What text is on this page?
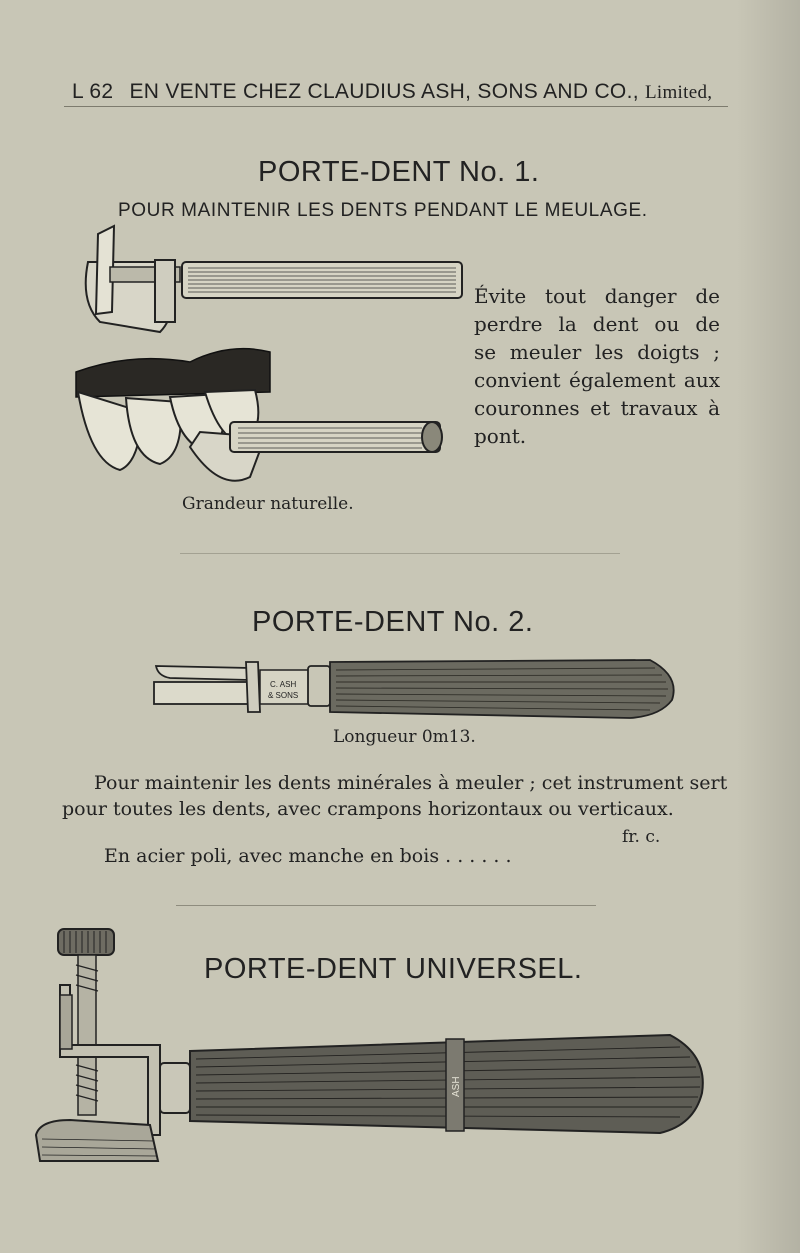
L 62 EN VENTE CHEZ CLAUDIUS ASH, SONS AND CO., Limited,
PORTE-DENT No. 1.
POUR MAINTENIR LES DENTS PENDANT LE MEULAGE.
Évite tout danger de
perdre la dent ou de
se meuler les doigts ;
convient également aux
couronnes et travaux à
pont.
Grandeur naturelle.
PORTE-DENT No. 2.
C. ASH
& SONS
Longueur 0m13.
Pour maintenir les dents minérales à meuler ; cet instrument sert
pour toutes les dents, avec crampons horizontaux ou verticaux.
fr. c.
En acier poli, avec manche en bois . . . . . .
PORTE-DENT UNIVERSEL.
ASH
